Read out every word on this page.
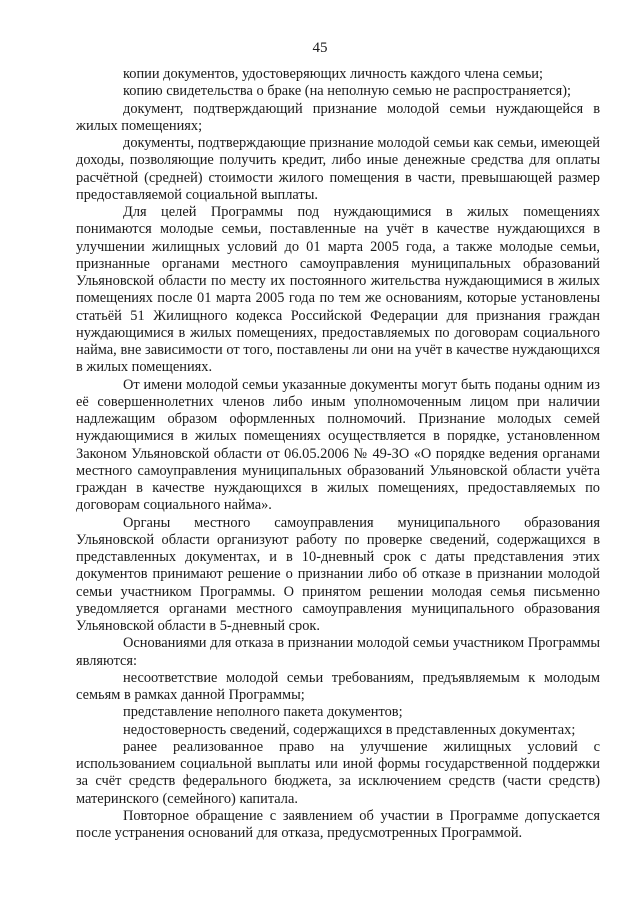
45

копии документов, удостоверяющих личность каждого члена семьи;

копию свидетельства о браке (на неполную семью не распространяется);

документ, подтверждающий признание молодой семьи нуждающейся в жилых помещениях;

документы, подтверждающие признание молодой семьи как семьи, имеющей доходы, позволяющие получить кредит, либо иные денежные средства для оплаты расчётной (средней) стоимости жилого помещения в части, превышающей размер предоставляемой социальной выплаты.

Для целей Программы под нуждающимися в жилых помещениях понимаются молодые семьи, поставленные на учёт в качестве нуждающихся в улучшении жилищных условий до 01 марта 2005 года, а также молодые семьи, признанные органами местного самоуправления муниципальных образований Ульяновской области по месту их постоянного жительства нуждающимися в жилых помещениях после 01 марта 2005 года по тем же основаниям, которые установлены статьёй 51 Жилищного кодекса Российской Федерации для признания граждан нуждающимися в жилых помещениях, предоставляемых по договорам социального найма, вне зависимости от того, поставлены ли они на учёт в качестве нуждающихся в жилых помещениях.

От имени молодой семьи указанные документы могут быть поданы одним из её совершеннолетних членов либо иным уполномоченным лицом при наличии надлежащим образом оформленных полномочий. Признание молодых семей нуждающимися в жилых помещениях осуществляется в порядке, установленном Законом Ульяновской области от 06.05.2006 № 49-ЗО «О порядке ведения органами местного самоуправления муниципальных образований Ульяновской области учёта граждан в качестве нуждающихся в жилых помещениях, предоставляемых по договорам социального найма».

Органы местного самоуправления муниципального образования Ульяновской области организуют работу по проверке сведений, содержащихся в представленных документах, и в 10-дневный срок с даты представления этих документов принимают решение о признании либо об отказе в признании молодой семьи участником Программы. О принятом решении молодая семья письменно уведомляется органами местного самоуправления муниципального образования Ульяновской области в 5-дневный срок.

Основаниями для отказа в признании молодой семьи участником Программы являются:

несоответствие молодой семьи требованиям, предъявляемым к молодым семьям в рамках данной Программы;

представление неполного пакета документов;

недостоверность сведений, содержащихся в представленных документах;

ранее реализованное право на улучшение жилищных условий с использованием социальной выплаты или иной формы государственной поддержки за счёт средств федерального бюджета, за исключением средств (части средств) материнского (семейного) капитала.

Повторное обращение с заявлением об участии в Программе допускается после устранения оснований для отказа, предусмотренных Программой.
